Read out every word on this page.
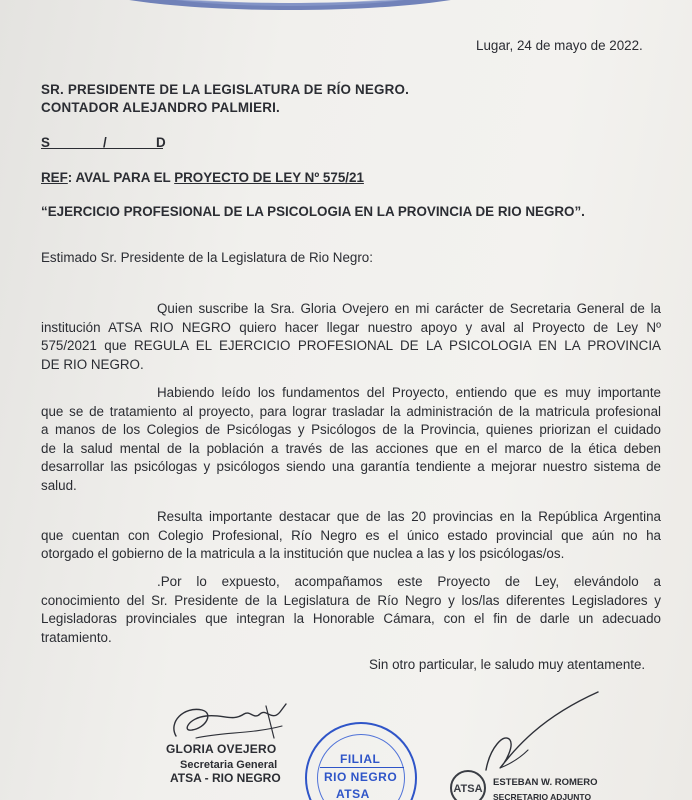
Lugar, 24 de mayo de 2022.
SR. PRESIDENTE DE LA LEGISLATURA DE RÍO NEGRO.
CONTADOR ALEJANDRO PALMIERI.
S	/	D
REF: AVAL PARA EL PROYECTO DE LEY Nº 575/21
“EJERCICIO PROFESIONAL DE LA PSICOLOGIA EN LA PROVINCIA DE RIO NEGRO”.
Estimado Sr. Presidente de la Legislatura de Rio Negro:
Quien suscribe la Sra. Gloria Ovejero en mi carácter de Secretaria General de la
institución ATSA RIO NEGRO quiero hacer llegar nuestro apoyo y aval al Proyecto de Ley Nº
575/2021 que REGULA EL EJERCICIO PROFESIONAL DE LA PSICOLOGIA EN LA PROVINCIA
DE RIO NEGRO.
Habiendo leído los fundamentos del Proyecto, entiendo que es muy importante
que se de tratamiento al proyecto, para lograr trasladar la administración de la matricula profesional
a manos de los Colegios de Psicólogas y Psicólogos de la Provincia, quienes priorizan el cuidado
de la salud mental de la población a través de las acciones que en el marco de la ética deben
desarrollar las psicólogas y psicólogos siendo una garantía tendiente a mejorar nuestro sistema de
salud.
Resulta importante destacar que de las 20 provincias en la República Argentina
que cuentan con Colegio Profesional, Río Negro es el único estado provincial que aún no ha
otorgado el gobierno de la matricula a la institución que nuclea a las y los psicólogas/os.
.Por lo expuesto, acompañamos este Proyecto de Ley, elevándolo a
conocimiento del Sr. Presidente de la Legislatura de Río Negro y los/las diferentes Legisladores y
Legisladoras provinciales que integran la Honorable Cámara, con el fin de darle un adecuado
tratamiento.
Sin otro particular, le saludo muy atentamente.
GLORIA OVEJERO
Secretaria General
ATSA - RIO NEGRO
FILIAL
RIO NEGRO
ATSA	ATSA
ESTEBAN W. ROMERO
SECRETARIO ADJUNTO
